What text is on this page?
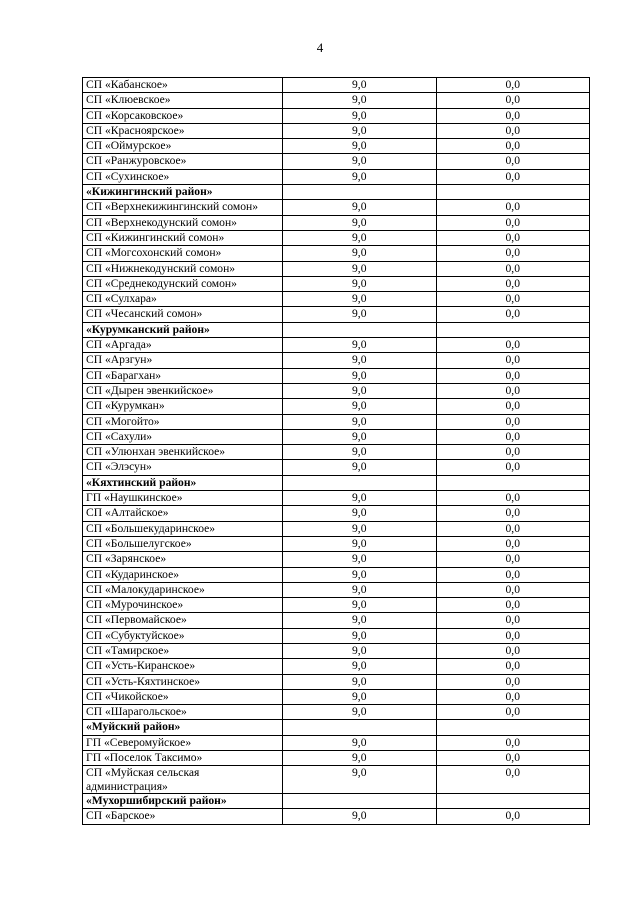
4
СП «Кабанское»	9,0	0,0
СП «Клюевское»	9,0	0,0
СП «Корсаковское»	9,0	0,0
СП «Красноярское»	9,0	0,0
СП «Оймурское»	9,0	0,0
СП «Ранжуровское»	9,0	0,0
СП «Сухинское»	9,0	0,0
«Кижингинский район»		
СП «Верхнекижингинский сомон»	9,0	0,0
СП «Верхнекодунский сомон»	9,0	0,0
СП «Кижингинский сомон»	9,0	0,0
СП «Могсохонский сомон»	9,0	0,0
СП «Нижнекодунский сомон»	9,0	0,0
СП «Среднекодунский сомон»	9,0	0,0
СП «Сулхара»	9,0	0,0
СП «Чесанский сомон»	9,0	0,0
«Курумканский район»		
СП «Аргада»	9,0	0,0
СП «Арзгун»	9,0	0,0
СП «Барагхан»	9,0	0,0
СП «Дырен эвенкийское»	9,0	0,0
СП «Курумкан»	9,0	0,0
СП «Могойто»	9,0	0,0
СП «Сахули»	9,0	0,0
СП «Улюнхан эвенкийское»	9,0	0,0
СП «Элэсун»	9,0	0,0
«Кяхтинский район»		
ГП «Наушкинское»	9,0	0,0
СП «Алтайское»	9,0	0,0
СП «Большекударинское»	9,0	0,0
СП «Большелугское»	9,0	0,0
СП «Зарянское»	9,0	0,0
СП «Кударинское»	9,0	0,0
СП «Малокударинское»	9,0	0,0
СП «Мурочинское»	9,0	0,0
СП «Первомайское»	9,0	0,0
СП «Субуктуйское»	9,0	0,0
СП «Тамирское»	9,0	0,0
СП «Усть-Киранское»	9,0	0,0
СП «Усть-Кяхтинское»	9,0	0,0
СП «Чикойское»	9,0	0,0
СП «Шарагольское»	9,0	0,0
«Муйский район»		
ГП «Северомуйское»	9,0	0,0
ГП «Поселок Таксимо»	9,0	0,0
СП «Муйская сельская администрация»	9,0	0,0
«Мухоршибирский район»		
СП «Барское»	9,0	0,0
